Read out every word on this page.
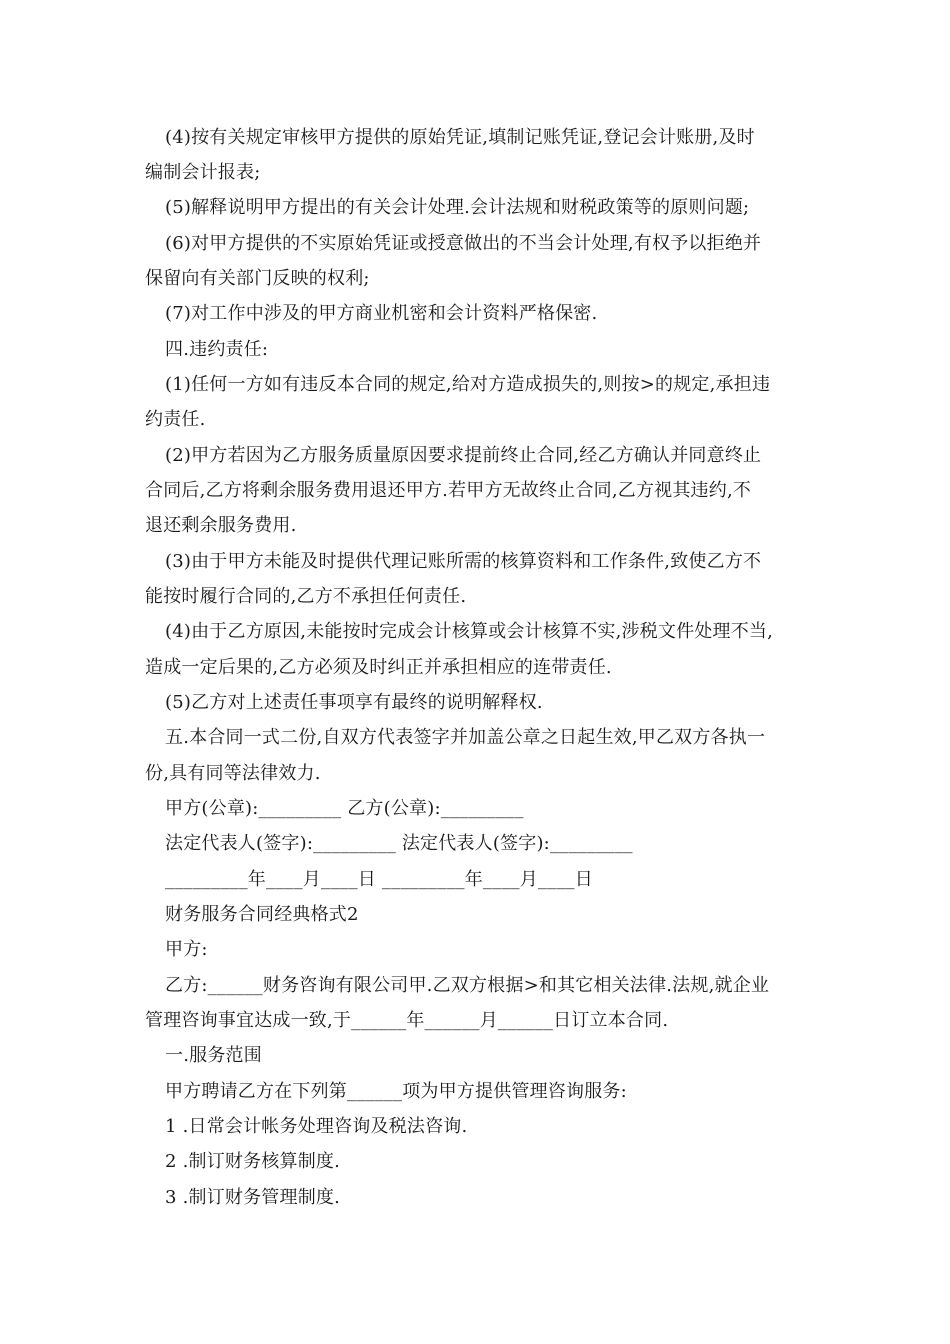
(4)按有关规定审核甲方提供的原始凭证,填制记账凭证,登记会计账册,及时
编制会计报表;
(5)解释说明甲方提出的有关会计处理.会计法规和财税政策等的原则问题;
(6)对甲方提供的不实原始凭证或授意做出的不当会计处理,有权予以拒绝并
保留向有关部门反映的权利;
(7)对工作中涉及的甲方商业机密和会计资料严格保密.
四.违约责任:
(1)任何一方如有违反本合同的规定,给对方造成损失的,则按>的规定,承担违
约责任.
(2)甲方若因为乙方服务质量原因要求提前终止合同,经乙方确认并同意终止
合同后,乙方将剩余服务费用退还甲方.若甲方无故终止合同,乙方视其违约,不
退还剩余服务费用.
(3)由于甲方未能及时提供代理记账所需的核算资料和工作条件,致使乙方不
能按时履行合同的,乙方不承担任何责任.
(4)由于乙方原因,未能按时完成会计核算或会计核算不实,涉税文件处理不当,
造成一定后果的,乙方必须及时纠正并承担相应的连带责任.
(5)乙方对上述责任事项享有最终的说明解释权.
五.本合同一式二份,自双方代表签字并加盖公章之日起生效,甲乙双方各执一
份,具有同等法律效力.
甲方(公章):_________ 乙方(公章):_________
法定代表人(签字):_________ 法定代表人(签字):_________
_________年____月____日 _________年____月____日
财务服务合同经典格式2
甲方:
乙方:______财务咨询有限公司甲.乙双方根据>和其它相关法律.法规,就企业
管理咨询事宜达成一致,于______年______月______日订立本合同.
一.服务范围
甲方聘请乙方在下列第______项为甲方提供管理咨询服务:
1 .日常会计帐务处理咨询及税法咨询.
2 .制订财务核算制度.
3 .制订财务管理制度.
